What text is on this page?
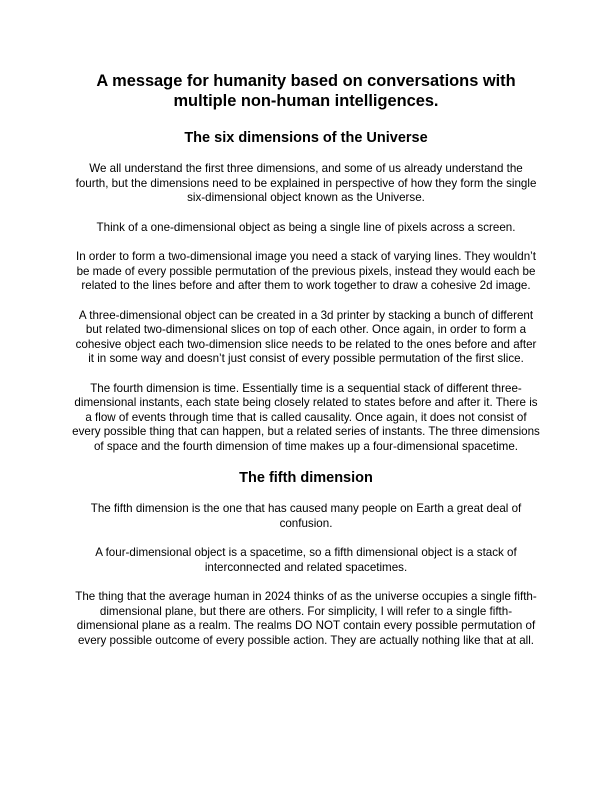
A message for humanity based on conversations with multiple non-human intelligences.
The six dimensions of the Universe

We all understand the first three dimensions, and some of us already understand the fourth, but the dimensions need to be explained in perspective of how they form the single six-dimensional object known as the Universe.

Think of a one-dimensional object as being a single line of pixels across a screen.

In order to form a two-dimensional image you need a stack of varying lines. They wouldn’t be made of every possible permutation of the previous pixels, instead they would each be related to the lines before and after them to work together to draw a cohesive 2d image.

A three-dimensional object can be created in a 3d printer by stacking a bunch of different but related two-dimensional slices on top of each other. Once again, in order to form a cohesive object each two-dimension slice needs to be related to the ones before and after it in some way and doesn’t just consist of every possible permutation of the first slice.

The fourth dimension is time. Essentially time is a sequential stack of different three-dimensional instants, each state being closely related to states before and after it. There is a flow of events through time that is called causality. Once again, it does not consist of every possible thing that can happen, but a related series of instants. The three dimensions of space and the fourth dimension of time makes up a four-dimensional spacetime.

The fifth dimension

The fifth dimension is the one that has caused many people on Earth a great deal of confusion.

A four-dimensional object is a spacetime, so a fifth dimensional object is a stack of interconnected and related spacetimes.

The thing that the average human in 2024 thinks of as the universe occupies a single fifth-dimensional plane, but there are others. For simplicity, I will refer to a single fifth-dimensional plane as a realm. The realms DO NOT contain every possible permutation of every possible outcome of every possible action. They are actually nothing like that at all.
